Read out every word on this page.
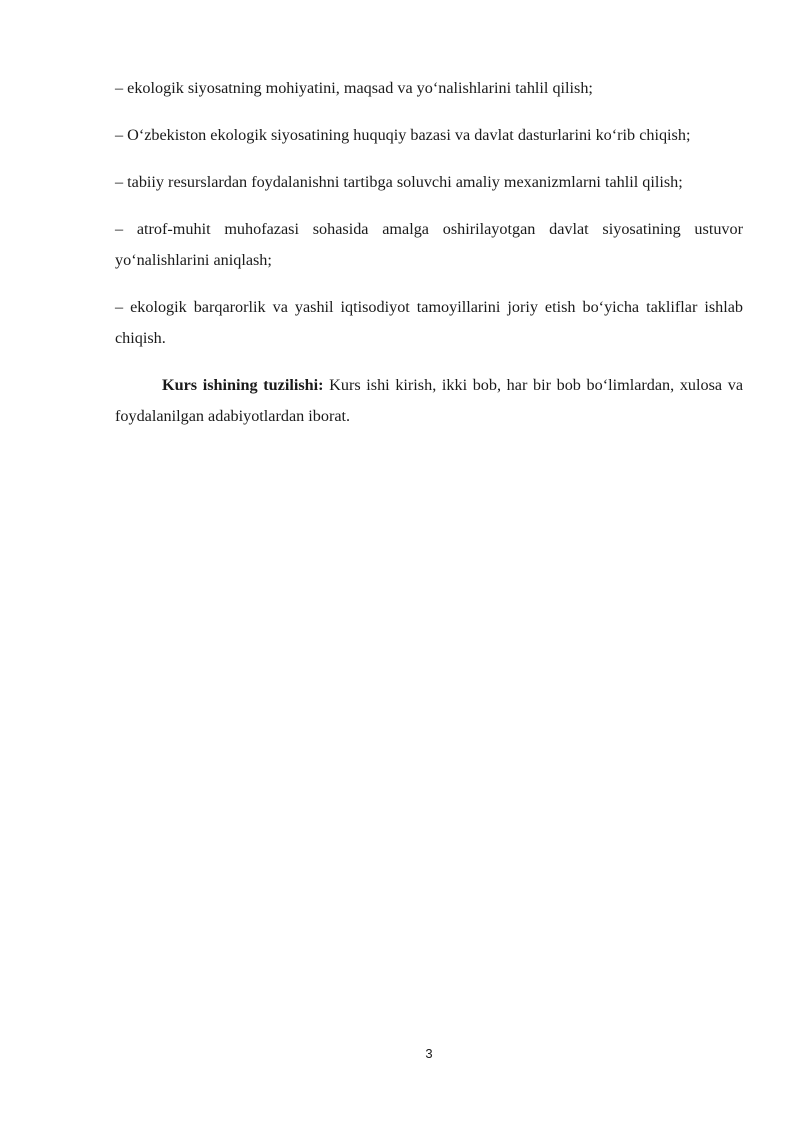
– ekologik siyosatning mohiyatini, maqsad va yo‘nalishlarini tahlil qilish;

– O‘zbekiston ekologik siyosatining huquqiy bazasi va davlat dasturlarini ko‘rib chiqish;

– tabiiy resurslardan foydalanishni tartibga soluvchi amaliy mexanizmlarni tahlil qilish;

– atrof-muhit muhofazasi sohasida amalga oshirilayotgan davlat siyosatining ustuvor yo‘nalishlarini aniqlash;

– ekologik barqarorlik va yashil iqtisodiyot tamoyillarini joriy etish bo‘yicha takliflar ishlab chiqish.

Kurs ishining tuzilishi: Kurs ishi kirish, ikki bob, har bir bob bo‘limlardan, xulosa va foydalanilgan adabiyotlardan iborat.

3
